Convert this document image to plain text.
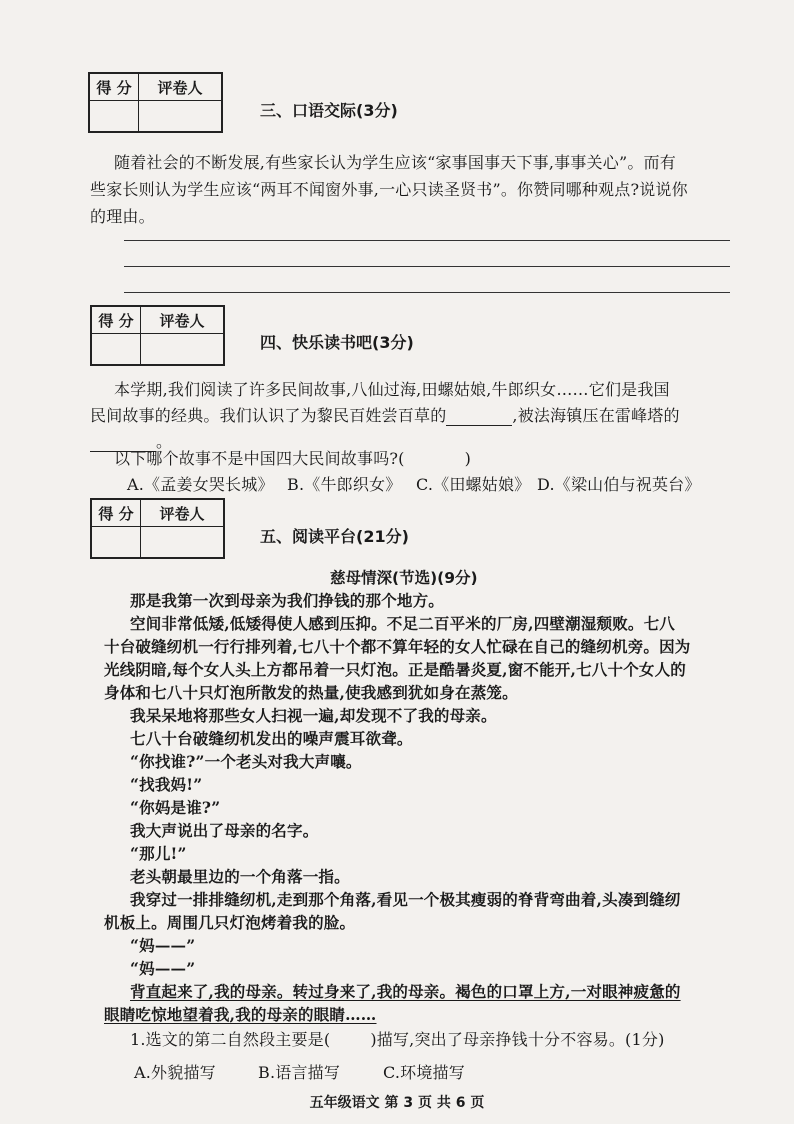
得 分	评卷人

三、口语交际(3分)
随着社会的不断发展,有些家长认为学生应该“家事国事天下事,事事关心”。而有
些家长则认为学生应该“两耳不闻窗外事,一心只读圣贤书”。你赞同哪种观点?说说你
的理由。
得 分	评卷人

四、快乐读书吧(3分)
本学期,我们阅读了许多民间故事,八仙过海,田螺姑娘,牛郎织女……它们是我国
民间故事的经典。我们认识了为黎民百姓尝百草的	,被法海镇压在雷峰塔的
。
以下哪个故事不是中国四大民间故事吗?(	)
A.《孟姜女哭长城》 B.《牛郎织女》 C.《田螺姑娘》 D.《梁山伯与祝英台》
得 分	评卷人

五、阅读平台(21分)
慈母情深(节选)(9分)
那是我第一次到母亲为我们挣钱的那个地方。
空间非常低矮,低矮得使人感到压抑。不足二百平米的厂房,四壁潮湿颓败。七八
十台破缝纫机一行行排列着,七八十个都不算年轻的女人忙碌在自己的缝纫机旁。因为
光线阴暗,每个女人头上方都吊着一只灯泡。正是酷暑炎夏,窗不能开,七八十个女人的
身体和七八十只灯泡所散发的热量,使我感到犹如身在蒸笼。
我呆呆地将那些女人扫视一遍,却发现不了我的母亲。
七八十台破缝纫机发出的噪声震耳欲聋。
“你找谁?”一个老头对我大声嚷。
“找我妈!”
“你妈是谁?”
我大声说出了母亲的名字。
“那儿!”
老头朝最里边的一个角落一指。
我穿过一排排缝纫机,走到那个角落,看见一个极其瘦弱的脊背弯曲着,头凑到缝纫
机板上。周围几只灯泡烤着我的脸。
“妈——”
“妈——”
背直起来了,我的母亲。转过身来了,我的母亲。褐色的口罩上方,一对眼神疲惫的
眼睛吃惊地望着我,我的母亲的眼睛……
1.选文的第二自然段主要是(	)描写,突出了母亲挣钱十分不容易。(1分)
五年级语文 第 3 页 共 6 页
A.外貌描写	B.语言描写	C.环境描写
